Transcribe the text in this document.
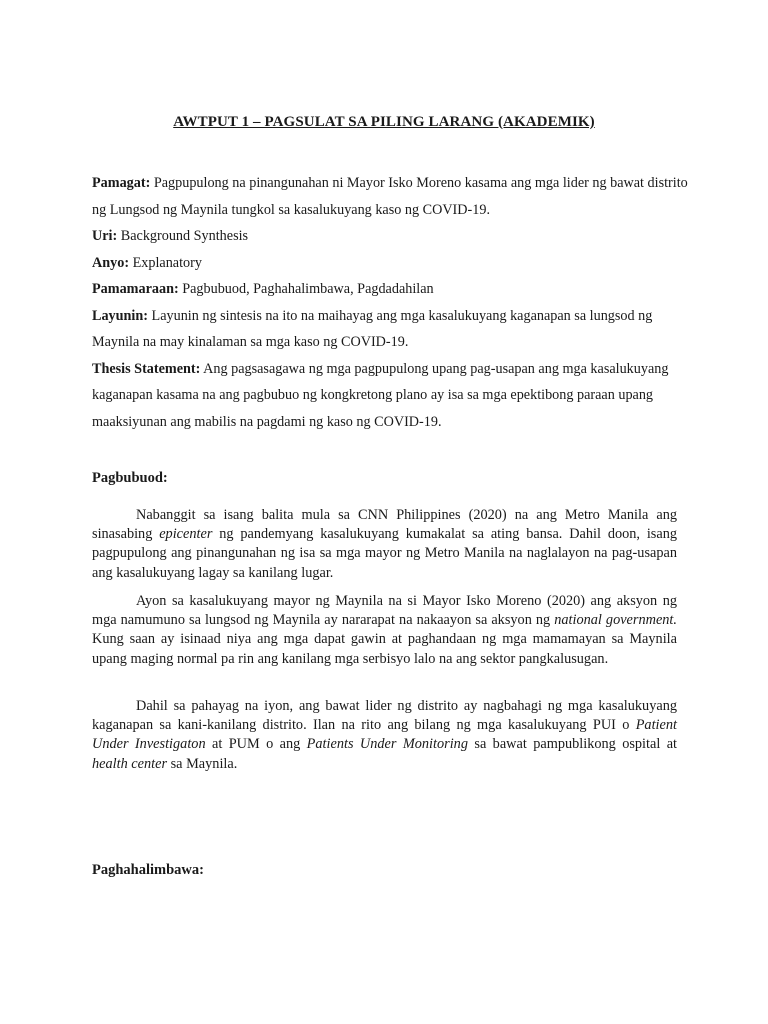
AWTPUT 1 – PAGSULAT SA PILING LARANG (AKADEMIK)

Pamagat: Pagpupulong na pinangunahan ni Mayor Isko Moreno kasama ang mga lider ng bawat distrito ng Lungsod ng Maynila tungkol sa kasalukuyang kaso ng COVID-19.

Uri: Background Synthesis

Anyo: Explanatory

Pamamaraan: Pagbubuod, Paghahalimbawa, Pagdadahilan

Layunin: Layunin ng sintesis na ito na maihayag ang mga kasalukuyang kaganapan sa lungsod ng Maynila na may kinalaman sa mga kaso ng COVID-19.

Thesis Statement: Ang pagsasagawa ng mga pagpupulong upang pag-usapan ang mga kasalukuyang kaganapan kasama na ang pagbubuo ng kongkretong plano ay isa sa mga epektibong paraan upang maaksiyunan ang mabilis na pagdami ng kaso ng COVID-19.

Pagbubuod:

Nabanggit sa isang balita mula sa CNN Philippines (2020) na ang Metro Manila ang sinasabing epicenter ng pandemyang kasalukuyang kumakalat sa ating bansa. Dahil doon, isang pagpupulong ang pinangunahan ng isa sa mga mayor ng Metro Manila na naglalayon na pag-usapan ang kasalukuyang lagay sa kanilang lugar.

Ayon sa kasalukuyang mayor ng Maynila na si Mayor Isko Moreno (2020) ang aksyon ng mga namumuno sa lungsod ng Maynila ay nararapat na nakaayon sa aksyon ng national government. Kung saan ay isinaad niya ang mga dapat gawin at paghandaan ng mga mamamayan sa Maynila upang maging normal pa rin ang kanilang mga serbisyo lalo na ang sektor pangkalusugan.

Dahil sa pahayag na iyon, ang bawat lider ng distrito ay nagbahagi ng mga kasalukuyang kaganapan sa kani-kanilang distrito. Ilan na rito ang bilang ng mga kasalukuyang PUI o Patient Under Investigaton at PUM o ang Patients Under Monitoring sa bawat pampublikong ospital at health center sa Maynila.

Paghahalimbawa:
